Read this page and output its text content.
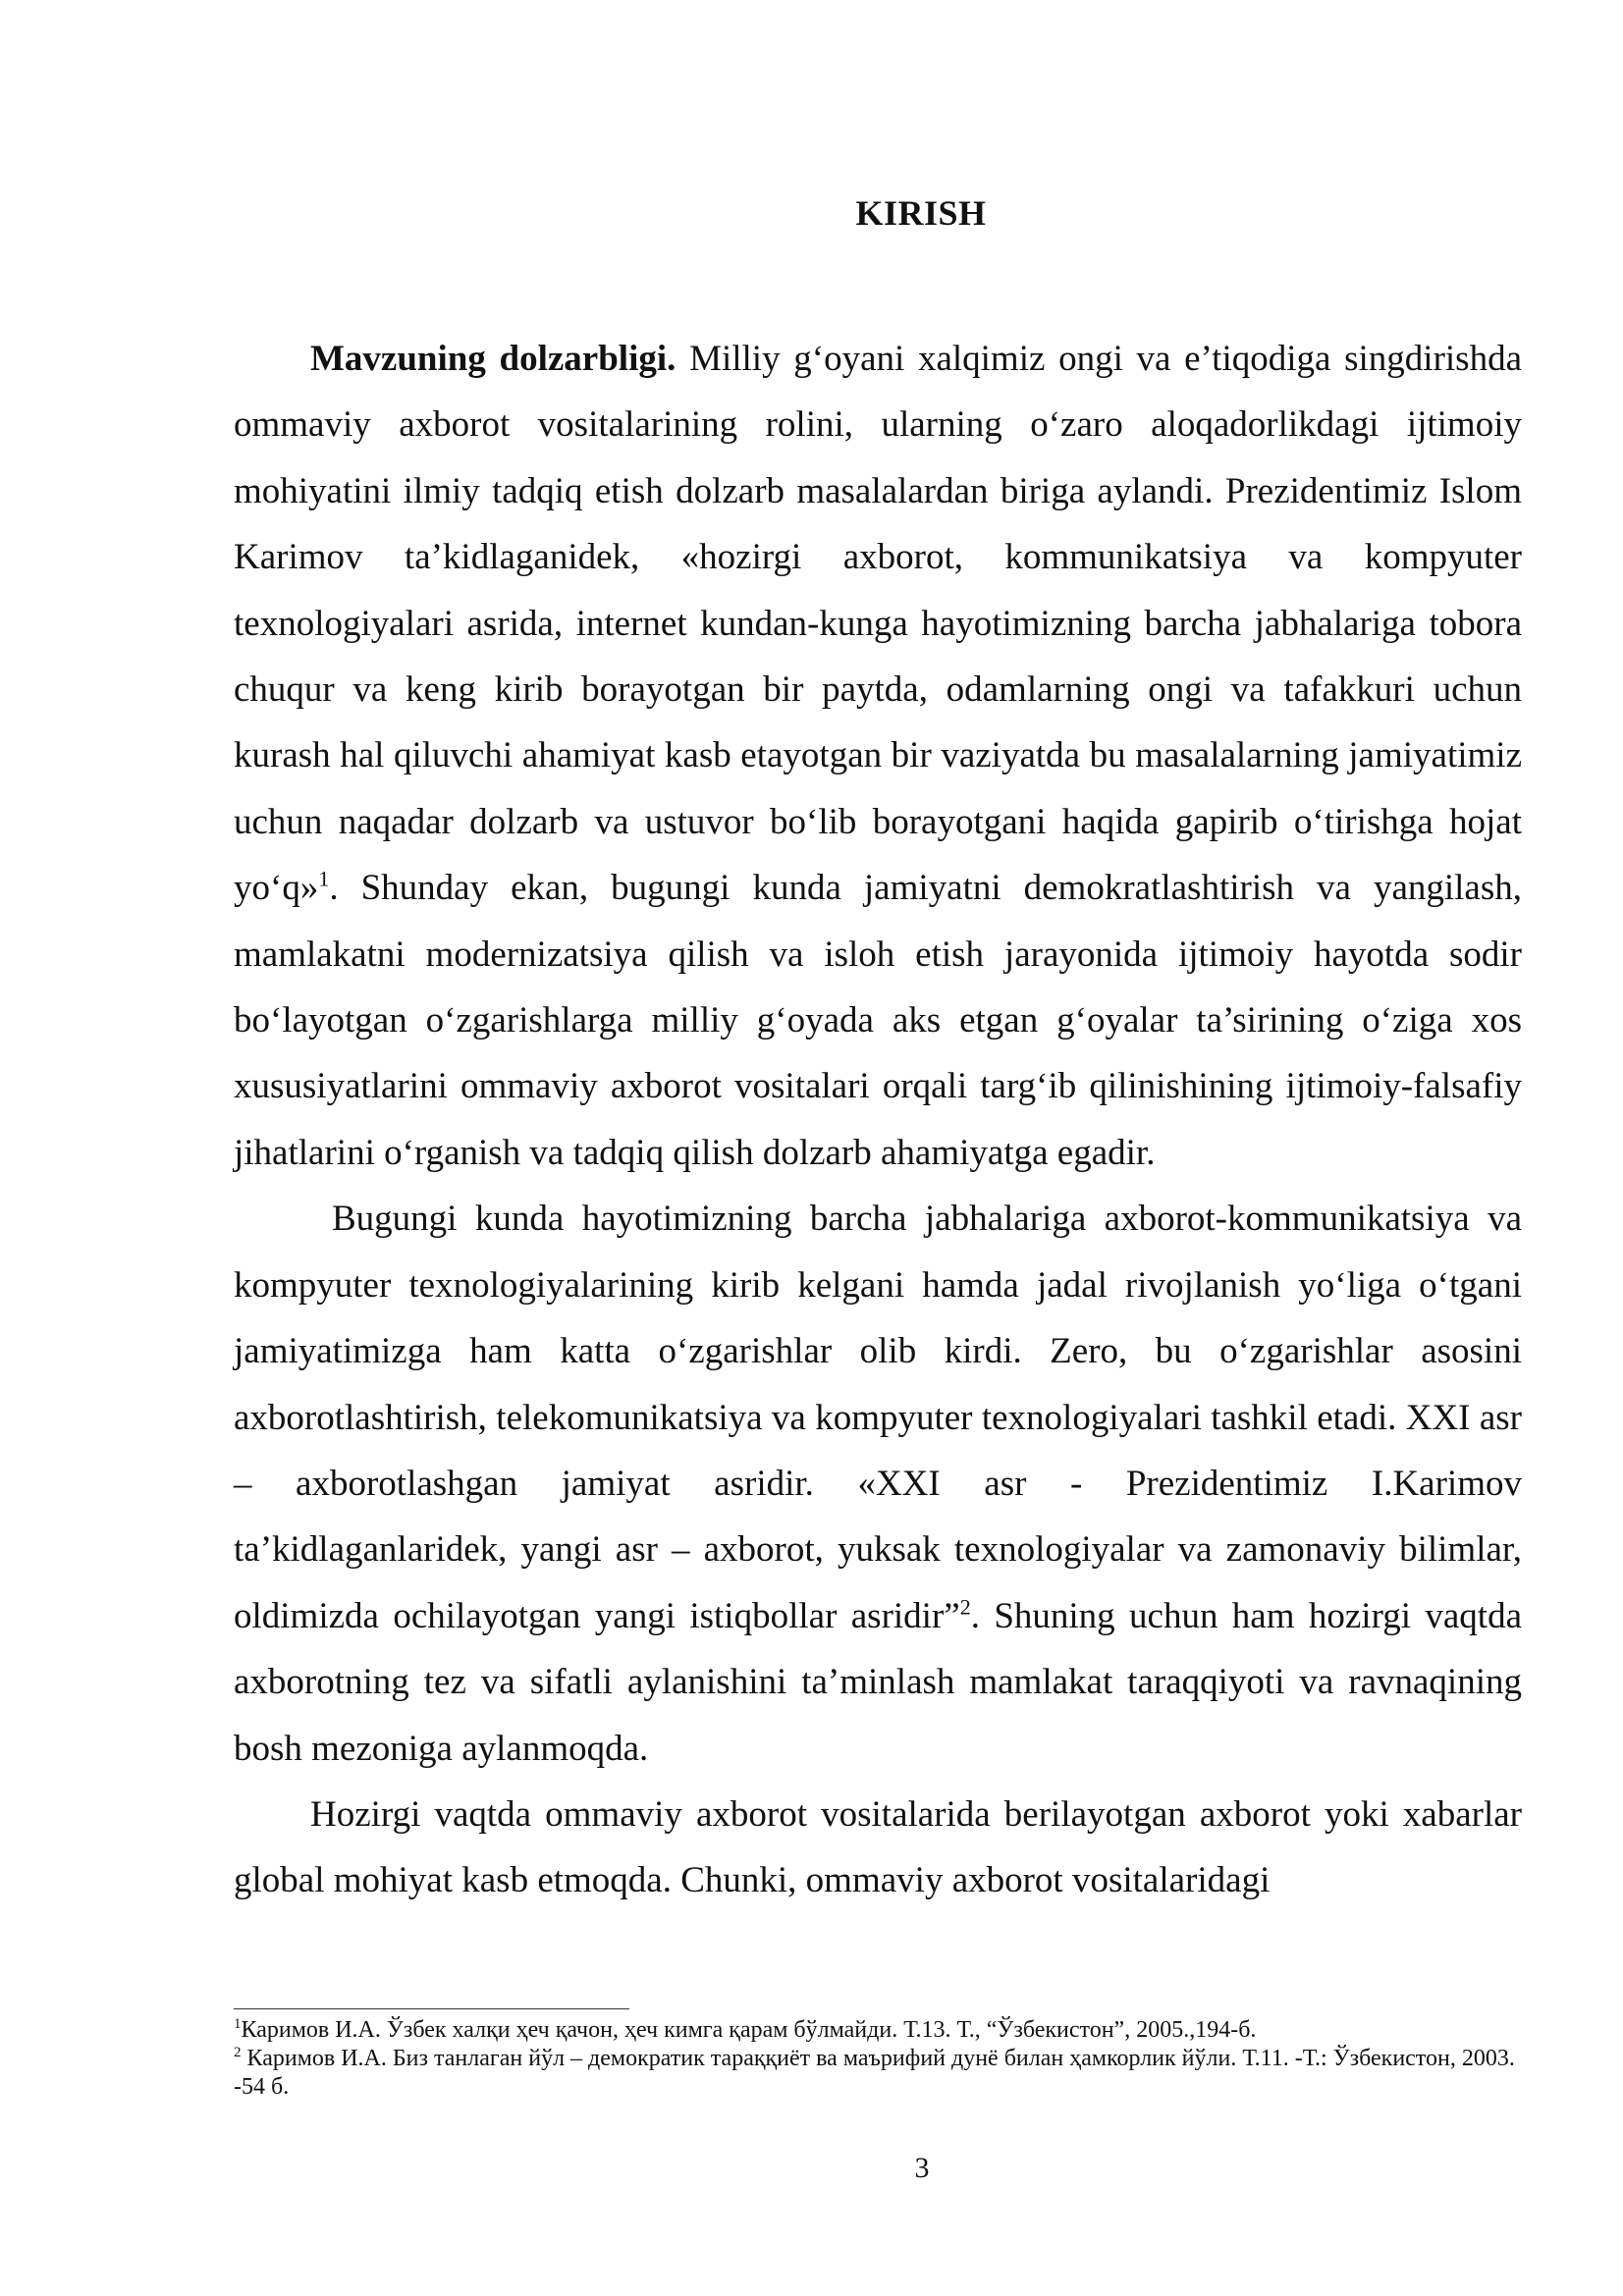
KIRISH

Mavzuning dolzarbligi. Milliy g‘oyani xalqimiz ongi va e’tiqodiga singdirishda ommaviy axborot vositalarining rolini, ularning o‘zaro aloqadorlikdagi ijtimoiy mohiyatini ilmiy tadqiq etish dolzarb masalalardan biriga aylandi. Prezidentimiz Islom Karimov ta’kidlaganidek, «hozirgi axborot, kommunikatsiya va kompyuter texnologiyalari asrida, internet kundan-kunga hayotimizning barcha jabhalariga tobora chuqur va keng kirib borayotgan bir paytda, odamlarning ongi va tafakkuri uchun kurash hal qiluvchi ahamiyat kasb etayotgan bir vaziyatda bu masalalarning jamiyatimiz uchun naqadar dolzarb va ustuvor bo‘lib borayotgani haqida gapirib o‘tirishga hojat yo‘q»$^1$. Shunday ekan, bugungi kunda jamiyatni demokratlashtirish va yangilash, mamlakatni modernizatsiya qilish va isloh etish jarayonida ijtimoiy hayotda sodir bo‘layotgan o‘zgarishlarga milliy g‘oyada aks etgan g‘oyalar ta’sirining o‘ziga xos xususiyatlarini ommaviy axborot vositalari orqali targ‘ib qilinishining ijtimoiy-falsafiy jihatlarini o‘rganish va tadqiq qilish dolzarb ahamiyatga egadir.

Bugungi kunda hayotimizning barcha jabhalariga axborot-kommunikatsiya va kompyuter texnologiyalarining kirib kelgani hamda jadal rivojlanish yo‘liga o‘tgani jamiyatimizga ham katta o‘zgarishlar olib kirdi. Zero, bu o‘zgarishlar asosini axborotlashtirish, telekomunikatsiya va kompyuter texnologiyalari tashkil etadi. XXI asr – axborotlashgan jamiyat asridir. «XXI asr - Prezidentimiz I.Karimov ta’kidlaganlaridek, yangi asr – axborot, yuksak texnologiyalar va zamonaviy bilimlar, oldimizda ochilayotgan yangi istiqbollar asridir”$^2$. Shuning uchun ham hozirgi vaqtda axborotning tez va sifatli aylanishini ta’minlash mamlakat taraqqiyoti va ravnaqining bosh mezoniga aylanmoqda.

Hozirgi vaqtda ommaviy axborot vositalarida berilayotgan axborot yoki xabarlar global mohiyat kasb etmoqda. Chunki, ommaviy axborot vositalaridagi

$^1$Каримов И.А. Ўзбек халқи ҳеч қачон, ҳеч кимга қарам бўлмайди. Т.13. Т., “Ўзбекистон”, 2005.,194-б.

$^2$ Каримов И.А. Биз танлаган йўл – демократик тараққиёт ва маърифий дунё билан ҳамкорлик йўли. Т.11. -Т.: Ўзбекистон, 2003. -54 б.

3
